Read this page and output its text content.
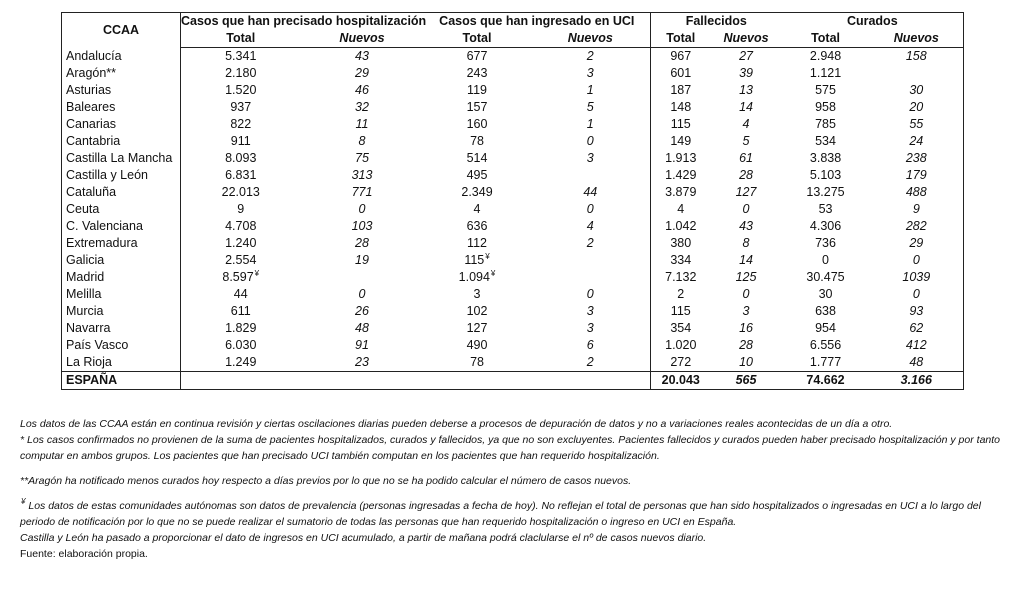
CCAA	Casos que han precisado hospitalización		Casos que han ingresado en UCI		Fallecidos		Curados	
	Total	Nuevos	Total	Nuevos	Total	Nuevos	Total	Nuevos
Andalucía	5.341	43	677	2	967	27	2.948	158
Aragón**	2.180	29	243	3	601	39	1.121	
Asturias	1.520	46	119	1	187	13	575	30
Baleares	937	32	157	5	148	14	958	20
Canarias	822	11	160	1	115	4	785	55
Cantabria	911	8	78	0	149	5	534	24
Castilla La Mancha	8.093	75	514	3	1.913	61	3.838	238
Castilla y León	6.831	313	495		1.429	28	5.103	179
Cataluña	22.013	771	2.349	44	3.879	127	13.275	488
Ceuta	9	0	4	0	4	0	53	9
C. Valenciana	4.708	103	636	4	1.042	43	4.306	282
Extremadura	1.240	28	112	2	380	8	736	29
Galicia	2.554	19	115¥		334	14	0	0
Madrid	8.597¥		1.094¥		7.132	125	30.475	1039
Melilla	44	0	3	0	2	0	30	0
Murcia	611	26	102	3	115	3	638	93
Navarra	1.829	48	127	3	354	16	954	62
País Vasco	6.030	91	490	6	1.020	28	6.556	412
La Rioja	1.249	23	78	2	272	10	1.777	48
ESPAÑA					20.043	565	74.662	3.166

Los datos de las CCAA están en continua revisión y ciertas oscilaciones diarias pueden deberse a procesos de depuración de datos y no a variaciones reales acontecidas de un día a otro.

* Los casos confirmados no provienen de la suma de pacientes hospitalizados, curados y fallecidos, ya que no son excluyentes. Pacientes fallecidos y curados pueden haber precisado hospitalización y por tanto computar en ambos grupos. Los pacientes que han precisado UCI también computan en los pacientes que han requerido hospitalización.

**Aragón ha notificado menos curados hoy respecto a días previos por lo que no se ha podido calcular el número de casos nuevos.

¥ Los datos de estas comunidades autónomas son datos de prevalencia (personas ingresadas a fecha de hoy). No reflejan el total de personas que han sido hospitalizados o ingresadas en UCI a lo largo del periodo de notificación por lo que no se puede realizar el sumatorio de todas las personas que han requerido hospitalización o ingreso en UCI en España.

Castilla y León ha pasado a proporcionar el dato de ingresos en UCI acumulado, a partir de mañana podrá claclularse el nº de casos nuevos diario.

Fuente: elaboración propia.
